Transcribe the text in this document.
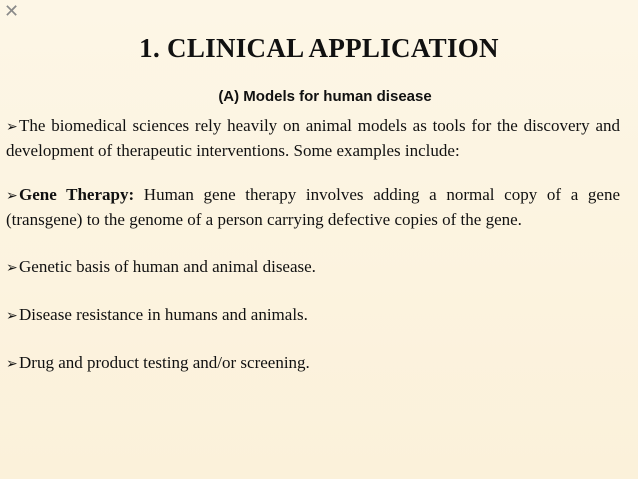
✕
1. CLINICAL APPLICATION
(A) Models for human disease

➢The biomedical sciences rely heavily on animal models as tools for the discovery and development of therapeutic interventions. Some examples include:

➢Gene Therapy: Human gene therapy involves adding a normal copy of a gene (transgene) to the genome of a person carrying defective copies of the gene.

➢Genetic basis of human and animal disease.

➢Disease resistance in humans and animals.

➢Drug and product testing and/or screening.
